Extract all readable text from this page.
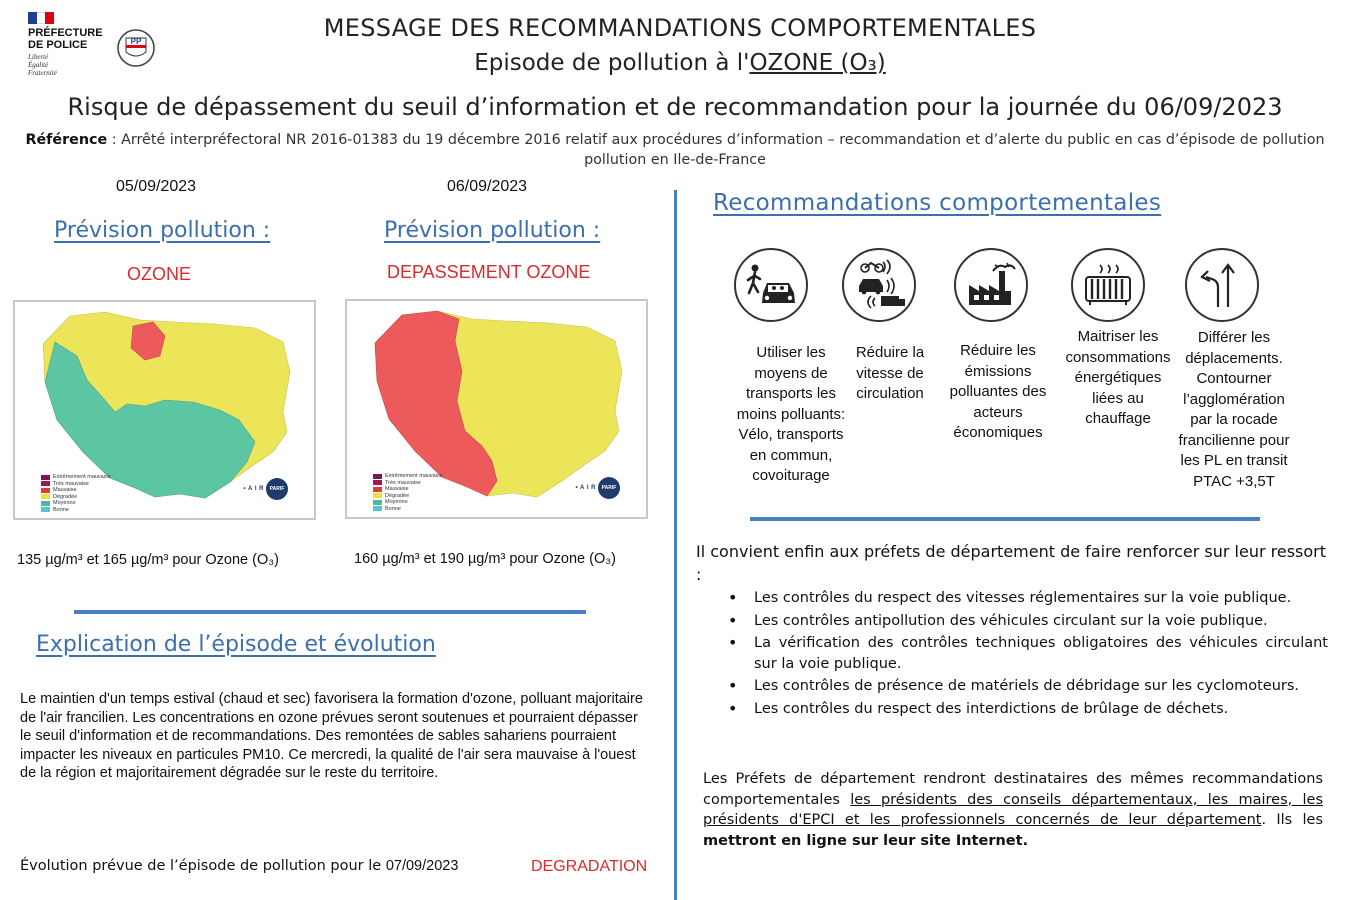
PRÉFECTURE
DE POLICE
Liberté
Égalité
Fraternité
PP	MESSAGE DES RECOMMANDATIONS COMPORTEMENTALES
Episode de pollution à l'OZONE (O₃)
Risque de dépassement du seuil d’information et de recommandation pour la journée du 06/09/2023
Référence : Arrêté interpréfectoral NR 2016-01383 du 19 décembre 2016 relatif aux procédures d’information – recommandation et d’alerte du public en cas d’épisode de pollution pollution en Ile-de-France
05/09/2023
Prévision pollution :
OZONE
Extrêmement mauvaise
Très mauvaise
Mauvaise
Dégradée
Moyenne
Bonne
• A I R	PARIF
135 µg/m³ et 165 µg/m³ pour Ozone (O₃)
06/09/2023
Prévision pollution :
DEPASSEMENT OZONE
Extrêmement mauvaise
Très mauvaise
Mauvaise
Dégradée
Moyenne
Bonne
• A I R	PARIF
160 µg/m³ et 190 µg/m³ pour Ozone (O₃)
Explication de l’épisode et évolution
Le maintien d'un temps estival (chaud et sec) favorisera la formation d'ozone, polluant majoritaire de l'air francilien. Les concentrations en ozone prévues seront soutenues et pourraient dépasser le seuil d'information et de recommandations. Des remontées de sables sahariens pourraient impacter les niveaux en particules PM10. Ce mercredi, la qualité de l'air sera mauvaise à l'ouest de la région et majoritairement dégradée sur le reste du territoire.
Évolution prévue de l’épisode de pollution pour le 07/09/2023	DEGRADATION
Recommandations comportementales
Utiliser les moyens de transports les moins polluants: Vélo, transports en commun, covoiturage
Réduire la vitesse de circulation
Réduire les émissions polluantes des acteurs économiques
Maitriser les consommations énergétiques liées au chauffage
Différer les déplacements. Contourner l’agglomération par la rocade francilienne pour les PL en transit PTAC +3,5T
Il convient enfin aux préfets de département de faire renforcer sur leur ressort :
• Les contrôles du respect des vitesses réglementaires sur la voie publique.
• Les contrôles antipollution des véhicules circulant sur la voie publique.
• La vérification des contrôles techniques obligatoires des véhicules circulant sur la voie publique.
• Les contrôles de présence de matériels de débridage sur les cyclomoteurs.
• Les contrôles du respect des interdictions de brûlage de déchets.
Les Préfets de département rendront destinataires des mêmes recommandations comportementales les présidents des conseils départementaux, les maires, les présidents d'EPCI et les professionnels concernés de leur département. Ils les mettront en ligne sur leur site Internet.
